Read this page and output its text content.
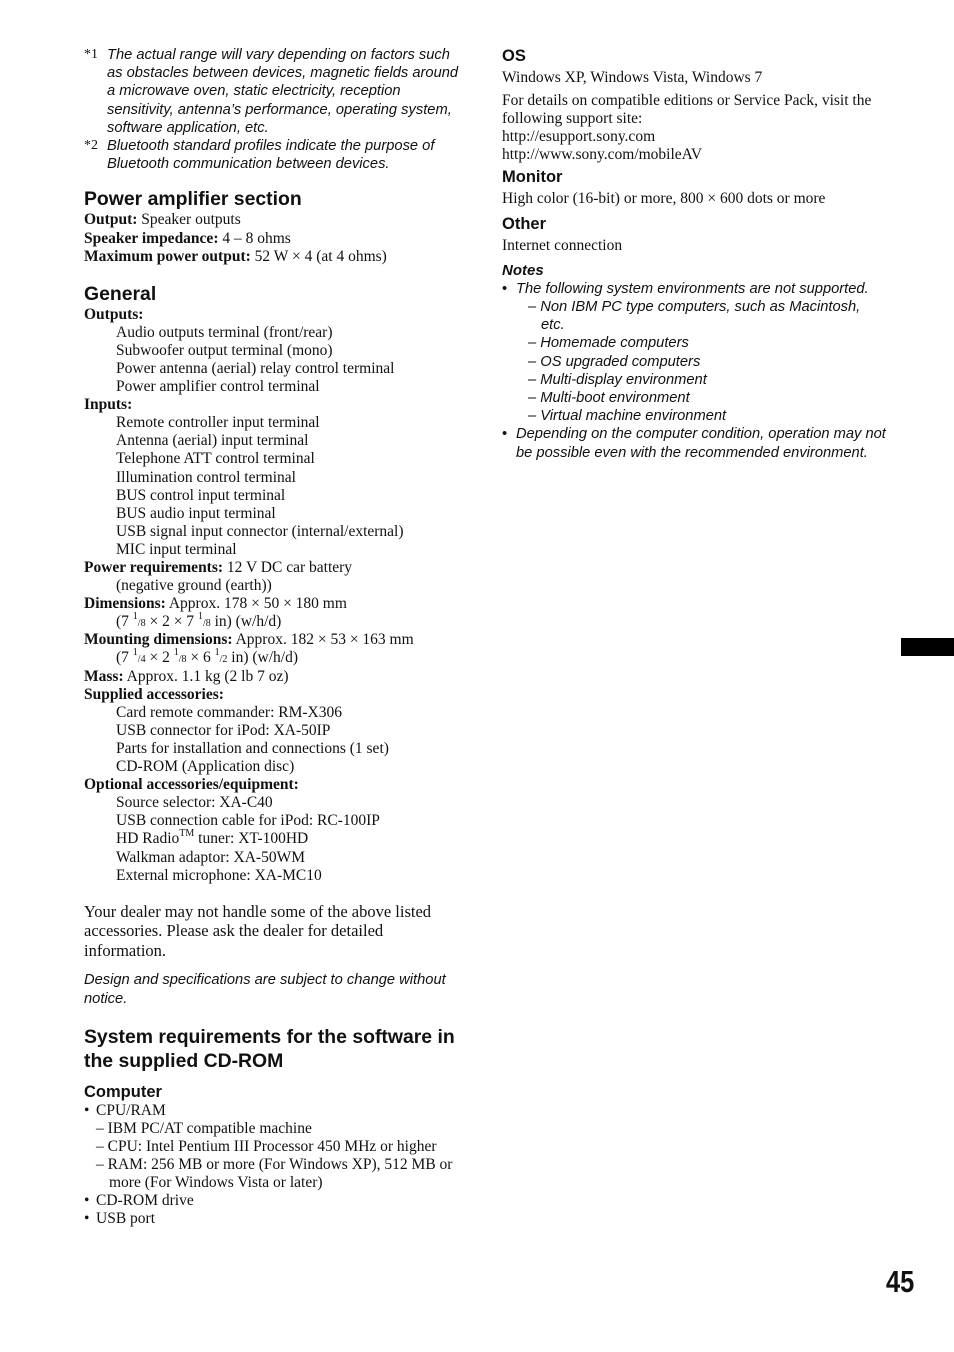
*1 The actual range will vary depending on factors such as obstacles between devices, magnetic fields around a microwave oven, static electricity, reception sensitivity, antenna’s performance, operating system, software application, etc.
*2 Bluetooth standard profiles indicate the purpose of Bluetooth communication between devices.
Power amplifier section
Output: Speaker outputs
Speaker impedance: 4 – 8 ohms
Maximum power output: 52 W × 4 (at 4 ohms)
General
Outputs:
Audio outputs terminal (front/rear)
Subwoofer output terminal (mono)
Power antenna (aerial) relay control terminal
Power amplifier control terminal
Inputs:
Remote controller input terminal
Antenna (aerial) input terminal
Telephone ATT control terminal
Illumination control terminal
BUS control input terminal
BUS audio input terminal
USB signal input connector (internal/external)
MIC input terminal
Power requirements: 12 V DC car battery
(negative ground (earth))
Dimensions: Approx. 178 × 50 × 180 mm
(7 $^1$/8 × 2 × 7 $^1$/8 in) (w/h/d)
Mounting dimensions: Approx. 182 × 53 × 163 mm
(7 $^1$/4 × 2 $^1$/8 × 6 $^1$/2 in) (w/h/d)
Mass: Approx. 1.1 kg (2 lb 7 oz)
Supplied accessories:
Card remote commander: RM-X306
USB connector for iPod: XA-50IP
Parts for installation and connections (1 set)
CD-ROM (Application disc)
Optional accessories/equipment:
Source selector: XA-C40
USB connection cable for iPod: RC-100IP
HD Radio™ tuner: XT-100HD
Walkman adaptor: XA-50WM
External microphone: XA-MC10
Your dealer may not handle some of the above listed accessories. Please ask the dealer for detailed information.
Design and specifications are subject to change without notice.
System requirements for the software in the supplied CD-ROM
Computer
• CPU/RAM
– IBM PC/AT compatible machine
– CPU: Intel Pentium III Processor 450 MHz or higher
– RAM: 256 MB or more (For Windows XP), 512 MB or more (For Windows Vista or later)
• CD-ROM drive
• USB port
OS
Windows XP, Windows Vista, Windows 7
For details on compatible editions or Service Pack, visit the following support site:
http://esupport.sony.com
http://www.sony.com/mobileAV
Monitor
High color (16-bit) or more, 800 × 600 dots or more
Other
Internet connection
Notes
• The following system environments are not supported.
– Non IBM PC type computers, such as Macintosh, etc.
– Homemade computers
– OS upgraded computers
– Multi-display environment
– Multi-boot environment
– Virtual machine environment
• Depending on the computer condition, operation may not be possible even with the recommended environment.
45
